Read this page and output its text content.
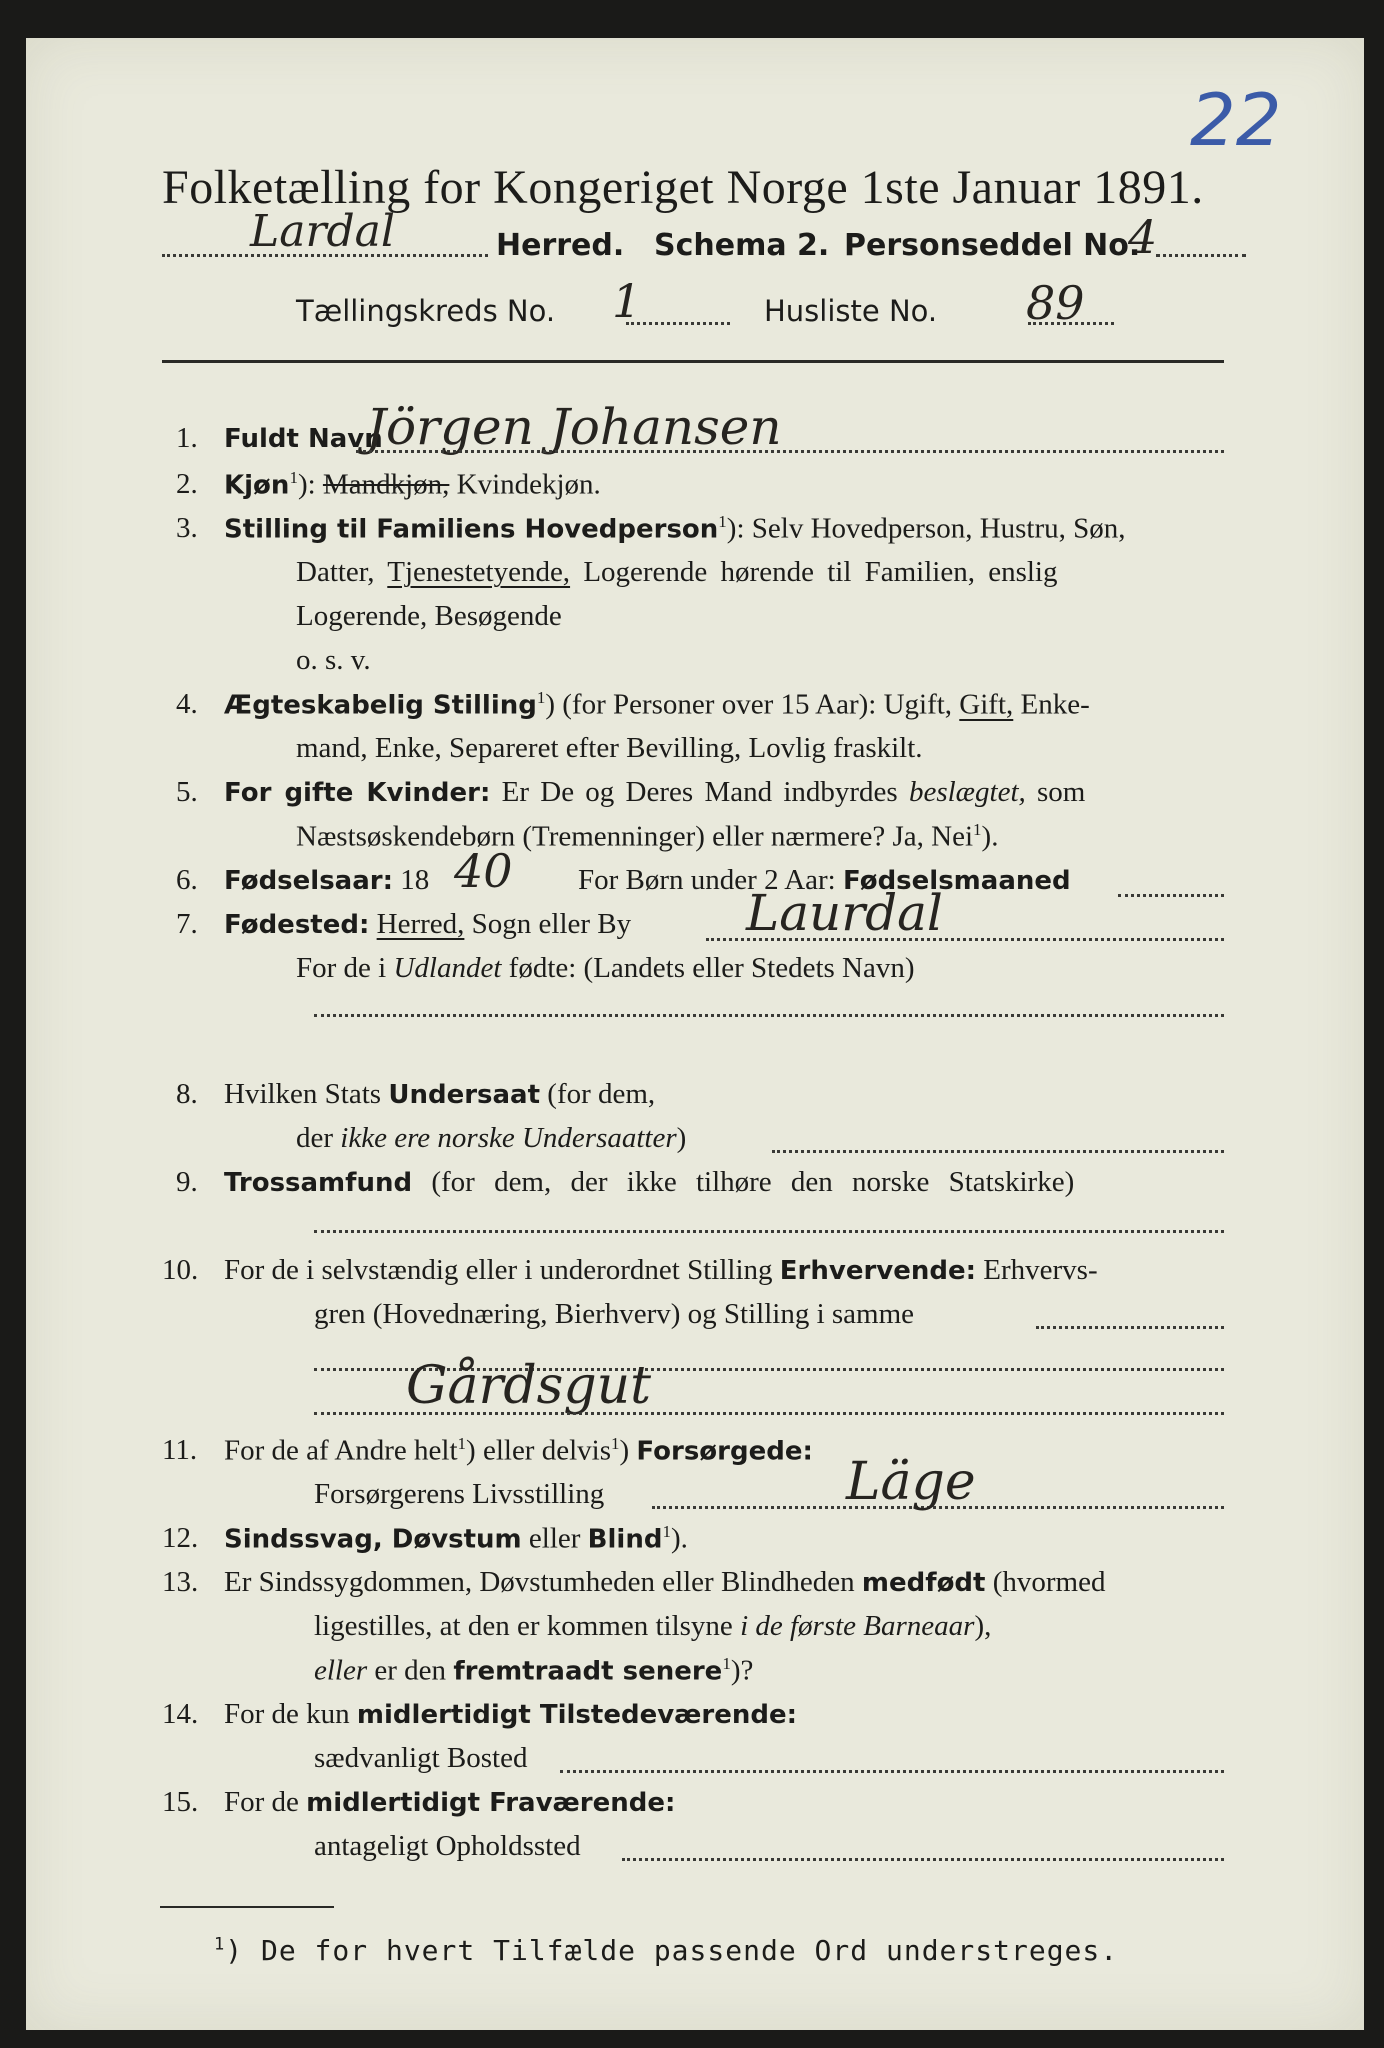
22
Folketælling for Kongeriget Norge 1ste Januar 1891.
Lardal	Herred. Schema 2. Personseddel No.
4
Tællingskreds No. 1	Husliste No. 89
1. Fuldt Navn
Jörgen Johansen
2. Kjøn$^1$): Mandkjøn, Kvindekjøn.
3. Stilling til Familiens Hovedperson$^1$): Selv Hovedperson, Hustru, Søn,
Datter, Tjenestetyende, Logerende hørende til Familien, enslig
Logerende, Besøgende
o. s. v.
4. Ægteskabelig Stilling$^1$) (for Personer over 15 Aar): Ugift, Gift, Enke-
mand, Enke, Separeret efter Bevilling, Lovlig fraskilt.
5. For gifte Kvinder: Er De og Deres Mand indbyrdes beslægtet, som
Næstsøskendebørn (Tremenninger) eller nærmere? Ja, Nei$^1$).
6. Fødselsaar: 18 40 For Børn under 2 Aar: Fødselsmaaned
7. Fødested: Herred, Sogn eller By Laurdal
For de i Udlandet fødte: (Landets eller Stedets Navn)
8. Hvilken Stats Undersaat (for dem,
der ikke ere norske Undersaatter)
9. Trossamfund (for dem, der ikke tilhøre den norske Statskirke)
10. For de i selvstændig eller i underordnet Stilling Erhvervende: Erhvervs-
gren (Hovednæring, Bierhverv) og Stilling i samme
Gårdsgut
11. For de af Andre helt$^1$) eller delvis$^1$) Forsørgede:
Forsørgerens Livsstilling	Läge
12. Sindssvag, Døvstum eller Blind$^1$).
13. Er Sindssygdommen, Døvstumheden eller Blindheden medfødt (hvormed
ligestilles, at den er kommen tilsyne i de første Barneaar),
eller er den fremtraadt senere$^1$)?
14. For de kun midlertidigt Tilstedeværende:
sædvanligt Bosted
15. For de midlertidigt Fraværende:
antageligt Opholdssted
$^1$) De for hvert Tilfælde passende Ord understreges.
